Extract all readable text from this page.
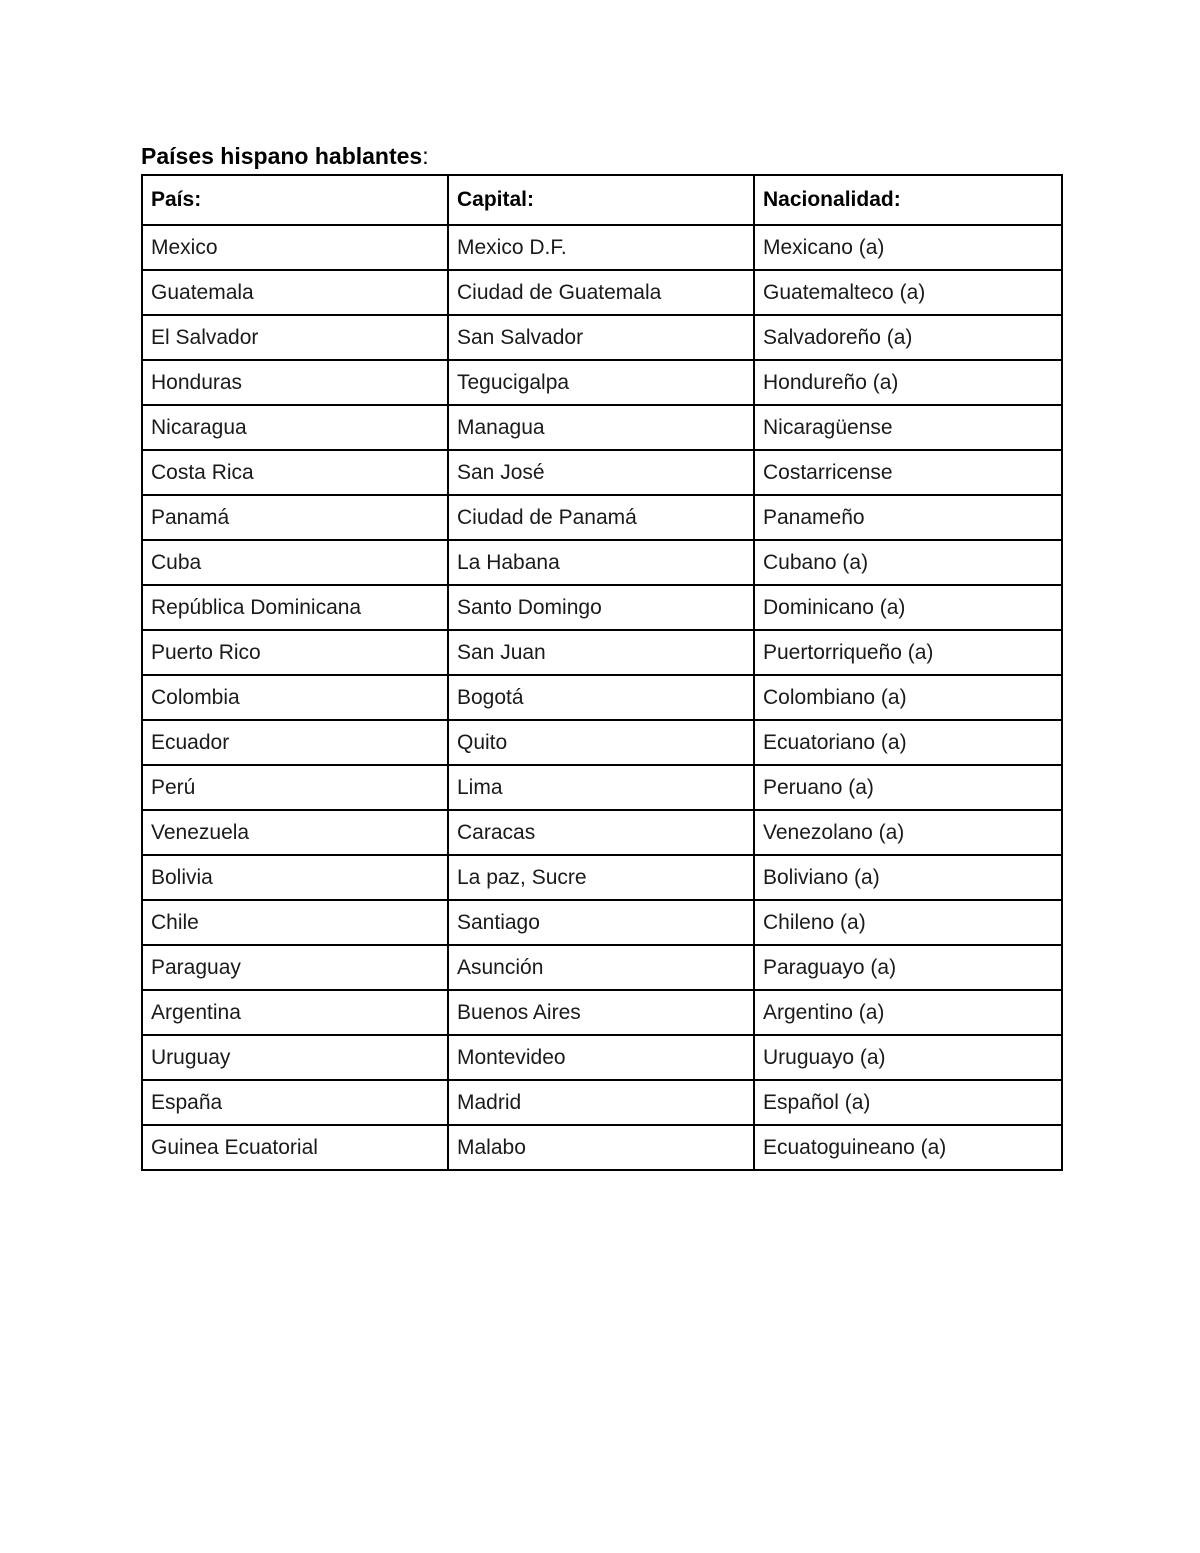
Países hispano hablantes:
País:	Capital:	Nacionalidad:
Mexico	Mexico D.F.	Mexicano (a)
Guatemala	Ciudad de Guatemala	Guatemalteco (a)
El Salvador	San Salvador	Salvadoreño (a)
Honduras	Tegucigalpa	Hondureño (a)
Nicaragua	Managua	Nicaragüense
Costa Rica	San José	Costarricense
Panamá	Ciudad de Panamá	Panameño
Cuba	La Habana	Cubano (a)
República Dominicana	Santo Domingo	Dominicano (a)
Puerto Rico	San Juan	Puertorriqueño (a)
Colombia	Bogotá	Colombiano (a)
Ecuador	Quito	Ecuatoriano (a)
Perú	Lima	Peruano (a)
Venezuela	Caracas	Venezolano (a)
Bolivia	La paz, Sucre	Boliviano (a)
Chile	Santiago	Chileno (a)
Paraguay	Asunción	Paraguayo (a)
Argentina	Buenos Aires	Argentino (a)
Uruguay	Montevideo	Uruguayo (a)
España	Madrid	Español (a)
Guinea Ecuatorial	Malabo	Ecuatoguineano (a)
